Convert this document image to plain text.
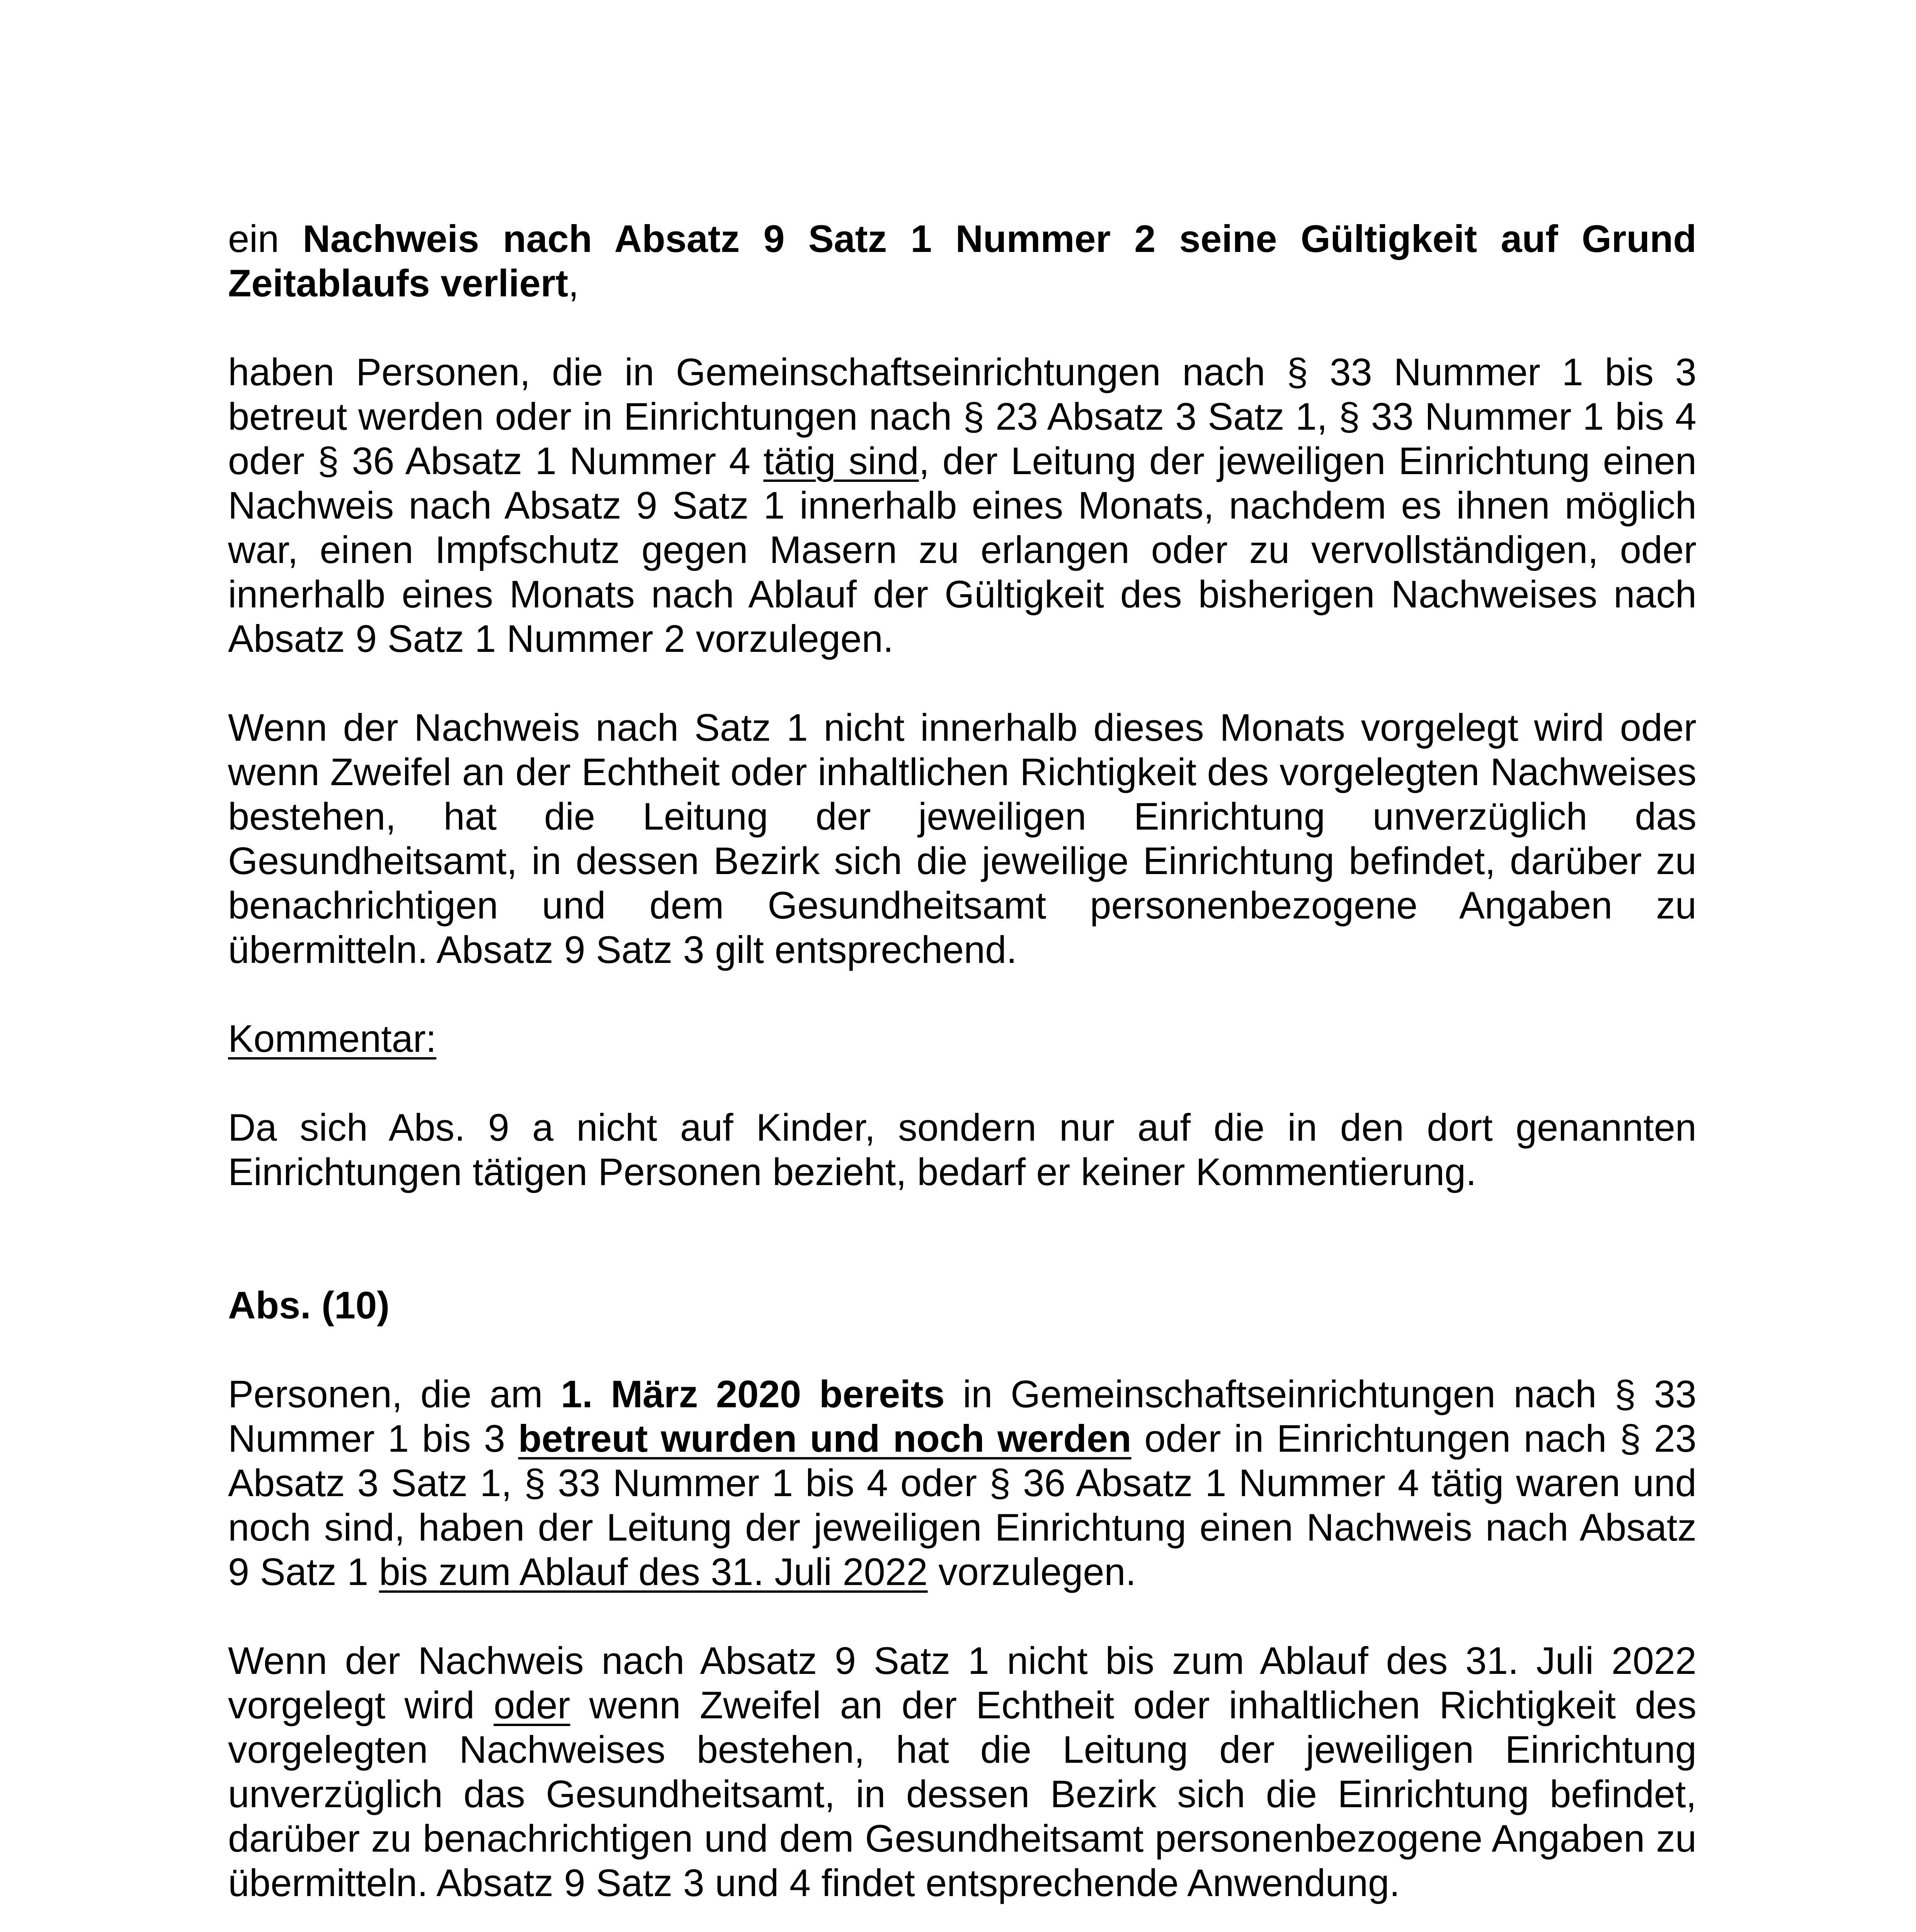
ein Nachweis nach Absatz 9 Satz 1 Nummer 2 seine Gültigkeit auf Grund Zeitablaufs verliert,

haben Personen, die in Gemeinschaftseinrichtungen nach § 33 Nummer 1 bis 3 betreut werden oder in Einrichtungen nach § 23 Absatz 3 Satz 1, § 33 Nummer 1 bis 4 oder § 36 Absatz 1 Nummer 4 tätig sind, der Leitung der jeweiligen Einrichtung einen Nachweis nach Absatz 9 Satz 1 innerhalb eines Monats, nachdem es ihnen möglich war, einen Impfschutz gegen Masern zu erlangen oder zu vervollständigen, oder innerhalb eines Monats nach Ablauf der Gültigkeit des bisherigen Nachweises nach Absatz 9 Satz 1 Nummer 2 vorzulegen.

Wenn der Nachweis nach Satz 1 nicht innerhalb dieses Monats vorgelegt wird oder wenn Zweifel an der Echtheit oder inhaltlichen Richtigkeit des vorgelegten Nachweises bestehen, hat die Leitung der jeweiligen Einrichtung unverzüglich das Gesundheitsamt, in dessen Bezirk sich die jeweilige Einrichtung befindet, darüber zu benachrichtigen und dem Gesundheitsamt personenbezogene Angaben zu übermitteln. Absatz 9 Satz 3 gilt entsprechend.

Kommentar:

Da sich Abs. 9 a nicht auf Kinder, sondern nur auf die in den dort genannten Einrichtungen tätigen Personen bezieht, bedarf er keiner Kommentierung.

Abs. (10)

Personen, die am 1. März 2020 bereits in Gemeinschaftseinrichtungen nach § 33 Nummer 1 bis 3 betreut wurden und noch werden oder in Einrichtungen nach § 23 Absatz 3 Satz 1, § 33 Nummer 1 bis 4 oder § 36 Absatz 1 Nummer 4 tätig waren und noch sind, haben der Leitung der jeweiligen Einrichtung einen Nachweis nach Absatz 9 Satz 1 bis zum Ablauf des 31. Juli 2022 vorzulegen.

Wenn der Nachweis nach Absatz 9 Satz 1 nicht bis zum Ablauf des 31. Juli 2022 vorgelegt wird oder wenn Zweifel an der Echtheit oder inhaltlichen Richtigkeit des vorgelegten Nachweises bestehen, hat die Leitung der jeweiligen Einrichtung unverzüglich das Gesundheitsamt, in dessen Bezirk sich die Einrichtung befindet, darüber zu benachrichtigen und dem Gesundheitsamt personenbezogene Angaben zu übermitteln. Absatz 9 Satz 3 und 4 findet entsprechende Anwendung.
